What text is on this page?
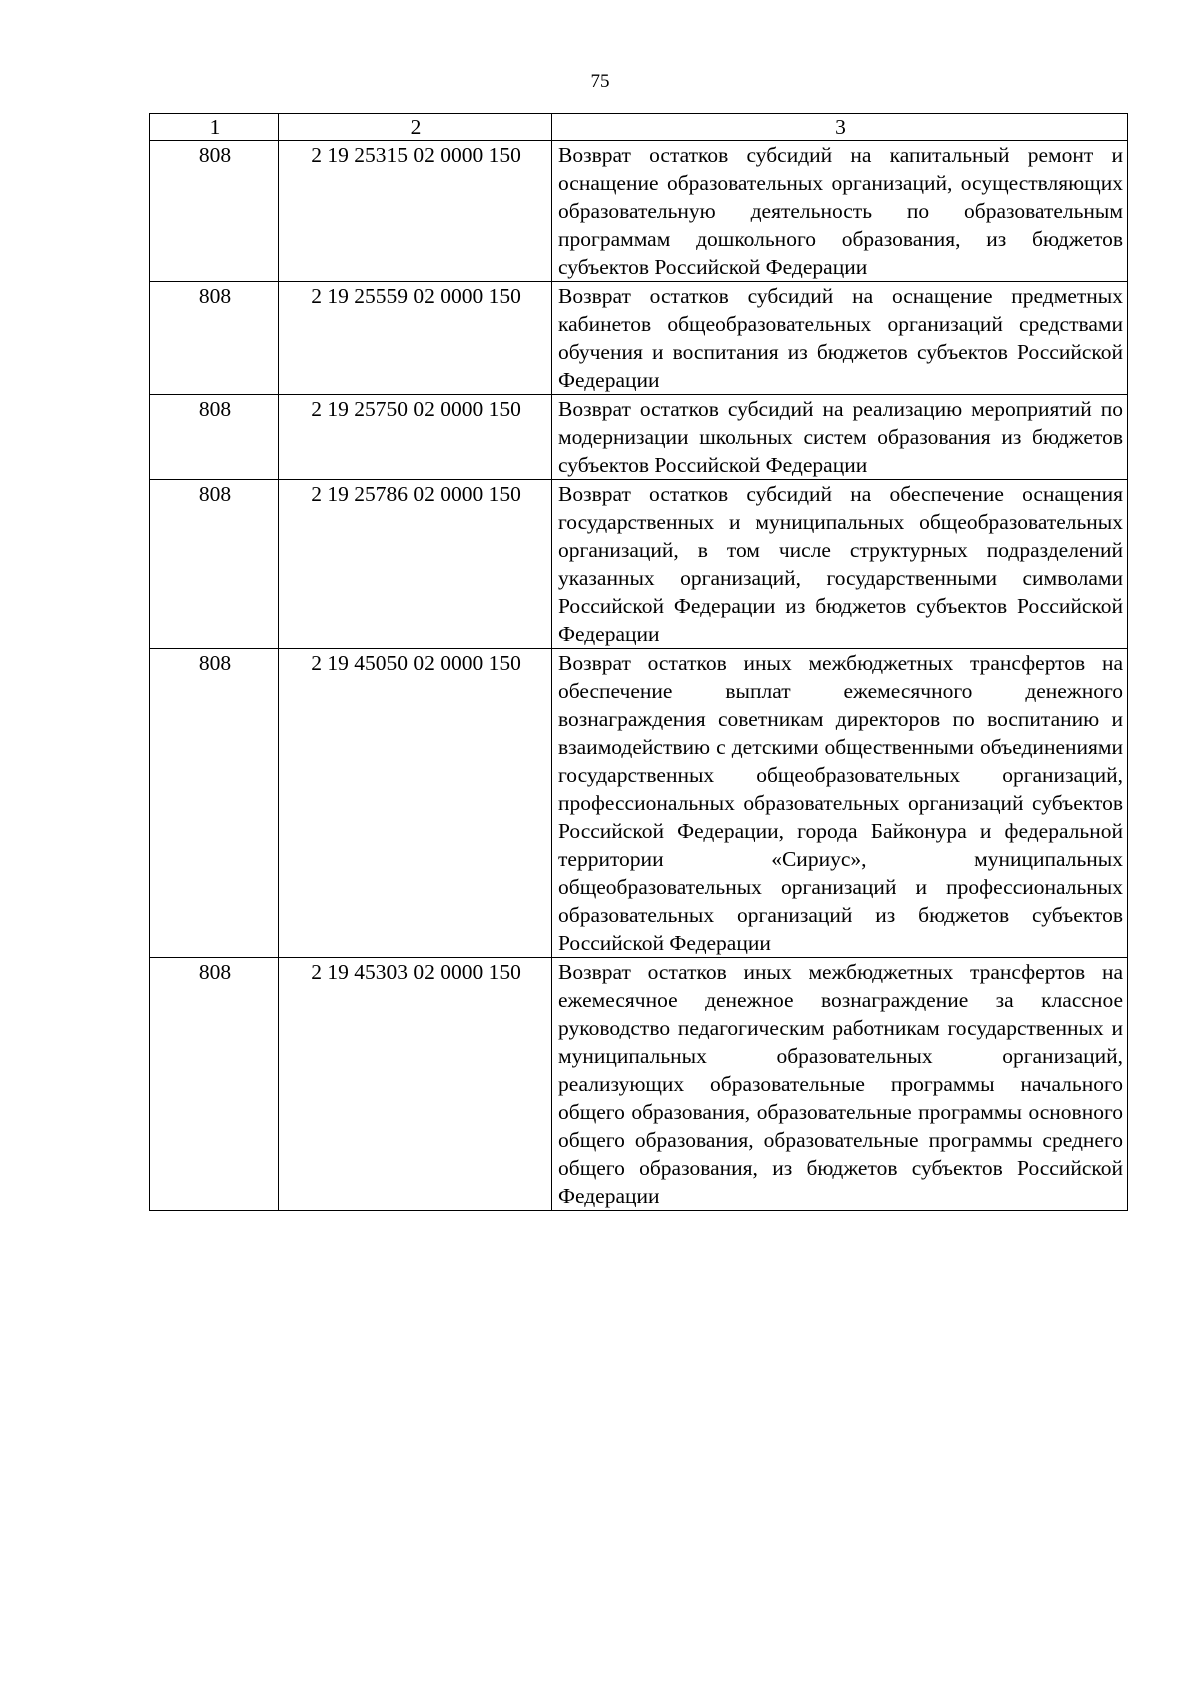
75
1	2	3
808	2 19 25315 02 0000 150	Возврат остатков субсидий на капитальный ремонт и оснащение образовательных организаций, осуществляющих образовательную деятельность по образовательным программам дошкольного образования, из бюджетов субъектов Российской Федерации
808	2 19 25559 02 0000 150	Возврат остатков субсидий на оснащение предметных кабинетов общеобразовательных организаций средствами обучения и воспитания из бюджетов субъектов Российской Федерации
808	2 19 25750 02 0000 150	Возврат остатков субсидий на реализацию мероприятий по модернизации школьных систем образования из бюджетов субъектов Российской Федерации
808	2 19 25786 02 0000 150	Возврат остатков субсидий на обеспечение оснащения государственных и муниципальных общеобразовательных организаций, в том числе структурных подразделений указанных организаций, государственными символами Российской Федерации из бюджетов субъектов Российской Федерации
808	2 19 45050 02 0000 150	Возврат остатков иных межбюджетных трансфертов на обеспечение выплат ежемесячного денежного вознаграждения советникам директоров по воспитанию и взаимодействию с детскими общественными объединениями государственных общеобразовательных организаций, профессиональных образовательных организаций субъектов Российской Федерации, города Байконура и федеральной территории «Сириус», муниципальных общеобразовательных организаций и профессиональных образовательных организаций из бюджетов субъектов Российской Федерации
808	2 19 45303 02 0000 150	Возврат остатков иных межбюджетных трансфертов на ежемесячное денежное вознаграждение за классное руководство педагогическим работникам государственных и муниципальных образовательных организаций, реализующих образовательные программы начального общего образования, образовательные программы основного общего образования, образовательные программы среднего общего образования, из бюджетов субъектов Российской Федерации
